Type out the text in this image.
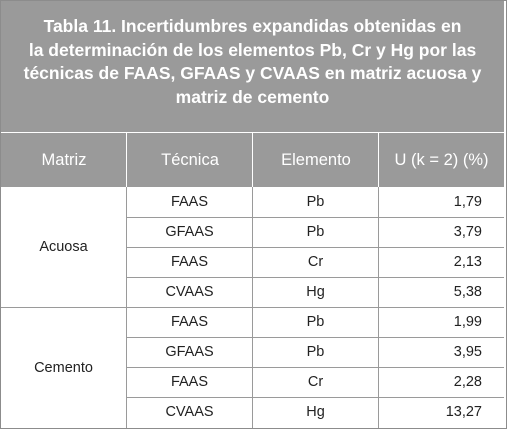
Tabla 11. Incertidumbres expandidas obtenidas en
la determinación de los elementos Pb, Cr y Hg por las
técnicas de FAAS, GFAAS y CVAAS en matriz acuosa y
matriz de cemento
Matriz	Técnica	Elemento	U (k = 2) (%)
Acuosa
FAAS	Pb	1,79
GFAAS	Pb	3,79
FAAS	Cr	2,13
CVAAS	Hg	5,38
Cemento
FAAS	Pb	1,99
GFAAS	Pb	3,95
FAAS	Cr	2,28
CVAAS	Hg	13,27
